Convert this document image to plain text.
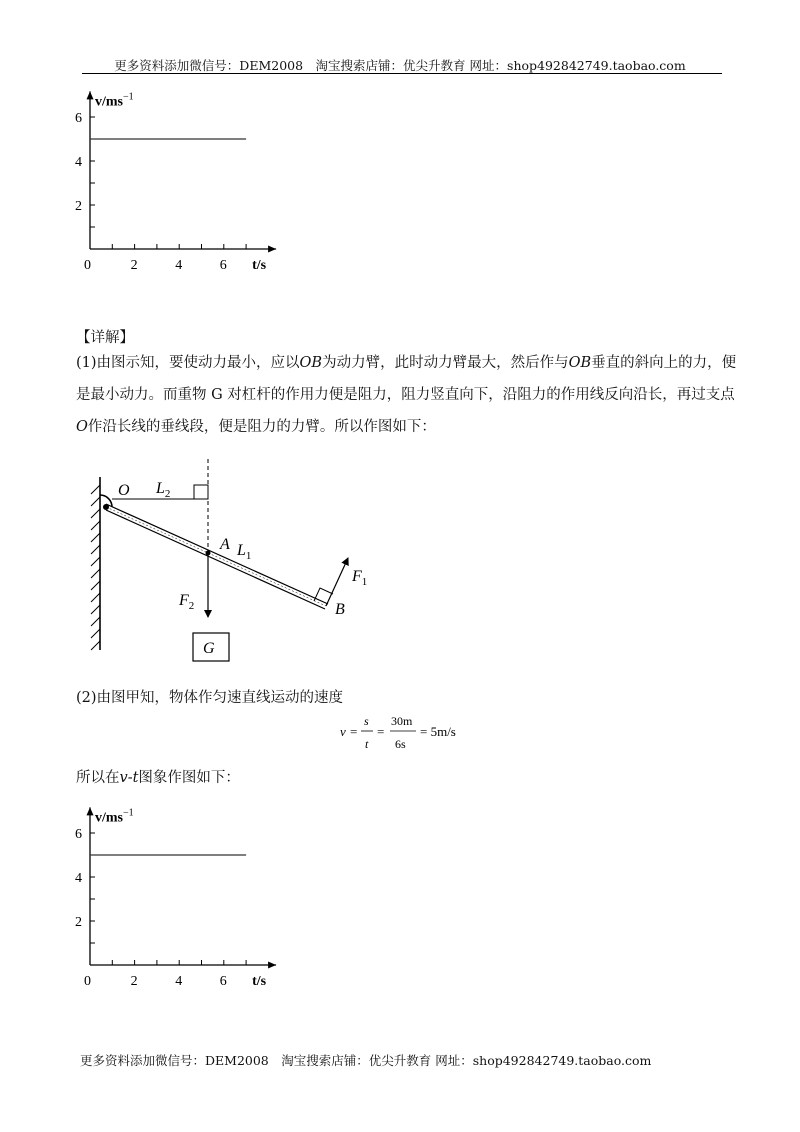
更多资料添加微信号：DEM2008　淘宝搜索店铺：优尖升教育 网址：shop492842749.taobao.com
2	4	6
2
4
6
0
$v/ms^{-1}$
t/s
【详解】
(1)由图示知，要使动力最小，应以OB为动力臂，此时动力臂最大，然后作与OB垂直的斜向上的力，便
是最小动力。而重物 G 对杠杆的作用力便是阻力，阻力竖直向下，沿阻力的作用线反向沿长，再过支点
O作沿长线的垂线段，便是阻力的力臂。所以作图如下：
O $L_2$
A $L_1$
$F_1$
B
$F_2$
G
(2)由图甲知，物体作匀速直线运动的速度
v =
s
t
=
30m
6s
= 5m/s
所以在v-t图象作图如下：
2	4	6
2
4
6
0
$v/ms^{-1}$
t/s
更多资料添加微信号：DEM2008　淘宝搜索店铺：优尖升教育 网址：shop492842749.taobao.com
